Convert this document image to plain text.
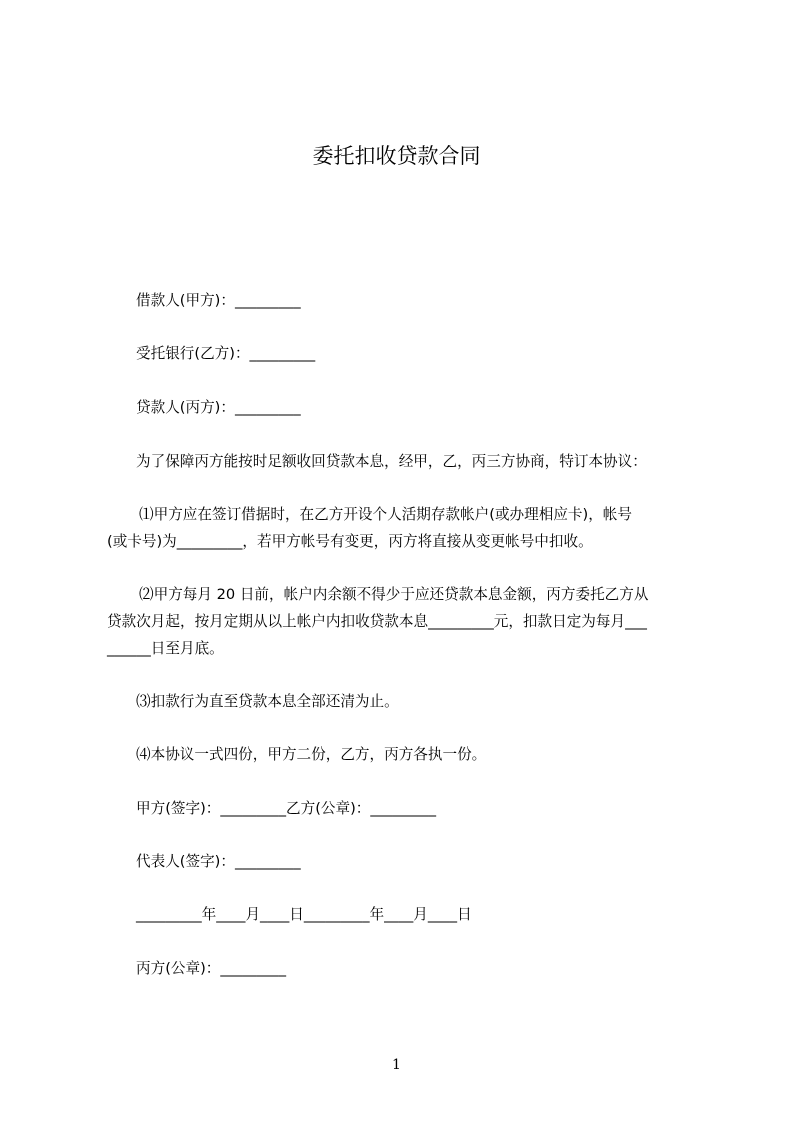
委托扣收贷款合同
借款人(甲方)：_________
受托银行(乙方)：_________
贷款人(丙方)：_________
为了保障丙方能按时足额收回贷款本息，经甲，乙，丙三方协商，特订本协议：
⑴甲方应在签订借据时，在乙方开设个人活期存款帐户(或办理相应卡)，帐号
(或卡号)为_________，若甲方帐号有变更，丙方将直接从变更帐号中扣收。
⑵甲方每月 20 日前，帐户内余额不得少于应还贷款本息金额，丙方委托乙方从
贷款次月起，按月定期从以上帐户内扣收贷款本息_________元，扣款日定为每月___
______日至月底。
⑶扣款行为直至贷款本息全部还清为止。
⑷本协议一式四份，甲方二份，乙方，丙方各执一份。
甲方(签字)：_________乙方(公章)：_________
代表人(签字)：_________
_________年____月____日_________年____月____日
丙方(公章)：_________
1
